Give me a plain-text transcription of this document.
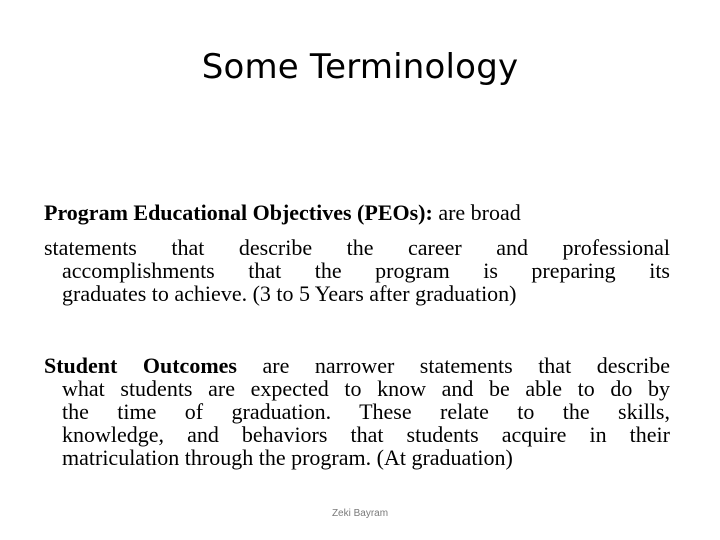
Some Terminology
Program Educational Objectives (PEOs): are broad
statements that describe the career and professional
accomplishments that the program is preparing its
graduates to achieve. (3 to 5 Years after graduation)
Student Outcomes are narrower statements that describe
what students are expected to know and be able to do by
the time of graduation. These relate to the skills,
knowledge, and behaviors that students acquire in their
matriculation through the program. (At graduation)
Zeki Bayram
